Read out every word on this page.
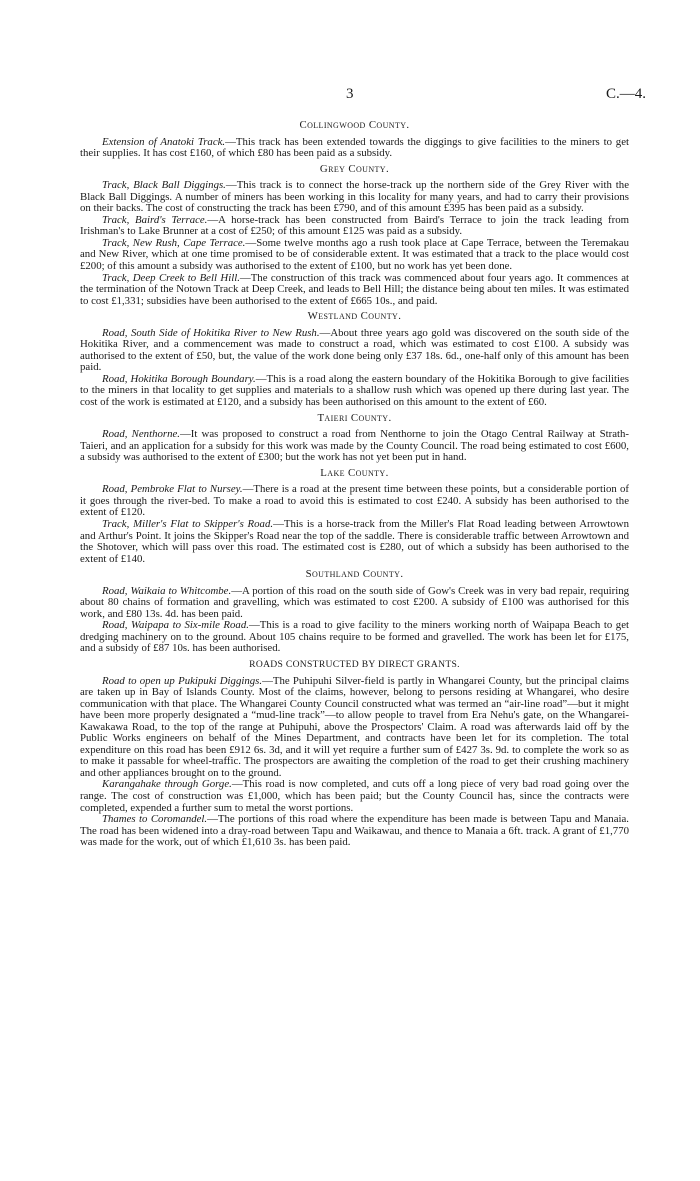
3	C.—4.
Collingwood County.

Extension of Anatoki Track.—This track has been extended towards the diggings to give facilities to the miners to get their supplies. It has cost £160, of which £80 has been paid as a subsidy.

Grey County.

Track, Black Ball Diggings.—This track is to connect the horse-track up the northern side of the Grey River with the Black Ball Diggings. A number of miners has been working in this locality for many years, and had to carry their provisions on their backs. The cost of constructing the track has been £790, and of this amount £395 has been paid as a subsidy.

Track, Baird's Terrace.—A horse-track has been constructed from Baird's Terrace to join the track leading from Irishman's to Lake Brunner at a cost of £250; of this amount £125 was paid as a subsidy.

Track, New Rush, Cape Terrace.—Some twelve months ago a rush took place at Cape Terrace, between the Teremakau and New River, which at one time promised to be of considerable extent. It was estimated that a track to the place would cost £200; of this amount a subsidy was authorised to the extent of £100, but no work has yet been done.

Track, Deep Creek to Bell Hill.—The construction of this track was commenced about four years ago. It commences at the termination of the Notown Track at Deep Creek, and leads to Bell Hill; the distance being about ten miles. It was estimated to cost £1,331; subsidies have been authorised to the extent of £665 10s., and paid.

Westland County.

Road, South Side of Hokitika River to New Rush.—About three years ago gold was discovered on the south side of the Hokitika River, and a commencement was made to construct a road, which was estimated to cost £100. A subsidy was authorised to the extent of £50, but, the value of the work done being only £37 18s. 6d., one-half only of this amount has been paid.

Road, Hokitika Borough Boundary.—This is a road along the eastern boundary of the Hokitika Borough to give facilities to the miners in that locality to get supplies and materials to a shallow rush which was opened up there during last year. The cost of the work is estimated at £120, and a subsidy has been authorised on this amount to the extent of £60.

Taieri County.

Road, Nenthorne.—It was proposed to construct a road from Nenthorne to join the Otago Central Railway at Strath-Taieri, and an application for a subsidy for this work was made by the County Council. The road being estimated to cost £600, a subsidy was authorised to the extent of £300; but the work has not yet been put in hand.

Lake County.

Road, Pembroke Flat to Nursey.—There is a road at the present time between these points, but a considerable portion of it goes through the river-bed. To make a road to avoid this is estimated to cost £240. A subsidy has been authorised to the extent of £120.

Track, Miller's Flat to Skipper's Road.—This is a horse-track from the Miller's Flat Road leading between Arrowtown and Arthur's Point. It joins the Skipper's Road near the top of the saddle. There is considerable traffic between Arrowtown and the Shotover, which will pass over this road. The estimated cost is £280, out of which a subsidy has been authorised to the extent of £140.

Southland County.

Road, Waikaia to Whitcombe.—A portion of this road on the south side of Gow's Creek was in very bad repair, requiring about 80 chains of formation and gravelling, which was estimated to cost £200. A subsidy of £100 was authorised for this work, and £80 13s. 4d. has been paid.

Road, Waipapa to Six-mile Road.—This is a road to give facility to the miners working north of Waipapa Beach to get dredging machinery on to the ground. About 105 chains require to be formed and gravelled. The work has been let for £175, and a subsidy of £87 10s. has been authorised.

ROADS CONSTRUCTED BY DIRECT GRANTS.

Road to open up Pukipuki Diggings.—The Puhipuhi Silver-field is partly in Whangarei County, but the principal claims are taken up in Bay of Islands County. Most of the claims, however, belong to persons residing at Whangarei, who desire communication with that place. The Whangarei County Council constructed what was termed an “air-line road”—but it might have been more properly designated a “mud-line track”—to allow people to travel from Era Nehu's gate, on the Whangarei-Kawakawa Road, to the top of the range at Puhipuhi, above the Prospectors' Claim. A road was afterwards laid off by the Public Works engineers on behalf of the Mines Department, and contracts have been let for its completion. The total expenditure on this road has been £912 6s. 3d, and it will yet require a further sum of £427 3s. 9d. to complete the work so as to make it passable for wheel-traffic. The prospectors are awaiting the completion of the road to get their crushing machinery and other appliances brought on to the ground.

Karangahake through Gorge.—This road is now completed, and cuts off a long piece of very bad road going over the range. The cost of construction was £1,000, which has been paid; but the County Council has, since the contracts were completed, expended a further sum to metal the worst portions.

Thames to Coromandel.—The portions of this road where the expenditure has been made is between Tapu and Manaia. The road has been widened into a dray-road between Tapu and Waikawau, and thence to Manaia a 6ft. track. A grant of £1,770 was made for the work, out of which £1,610 3s. has been paid.
